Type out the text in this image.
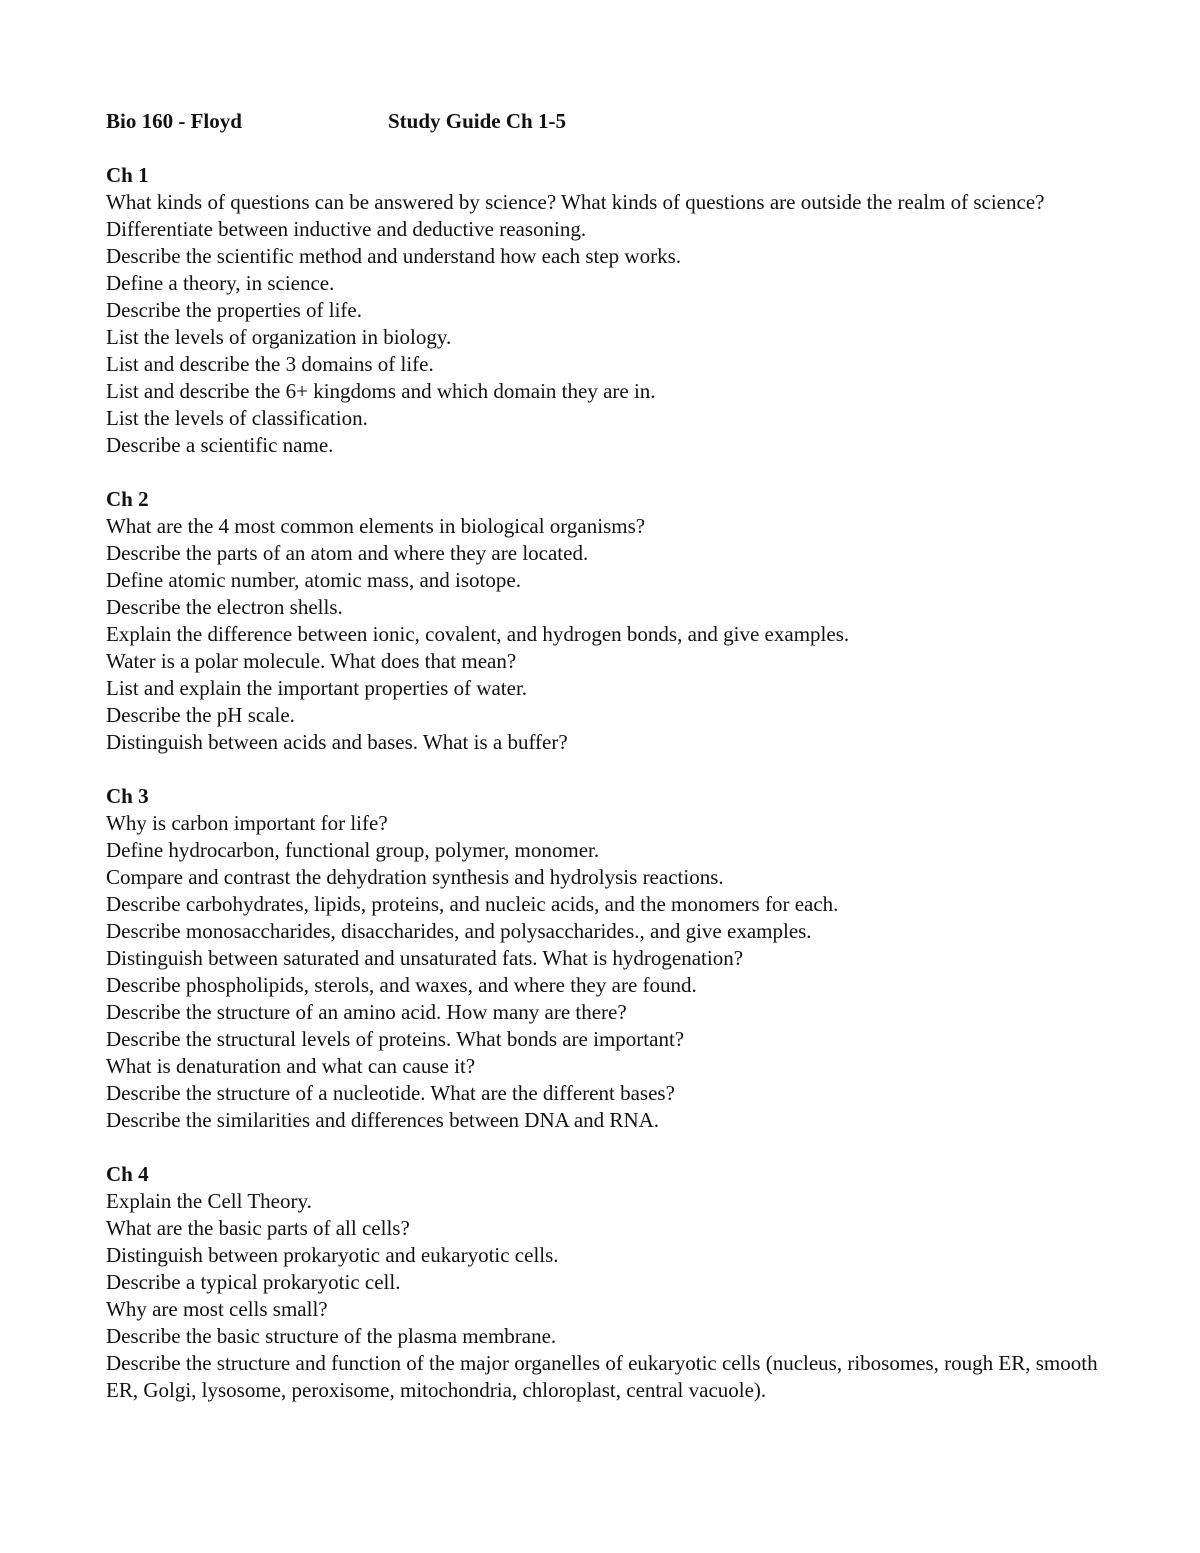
Bio 160 - Floyd	Study Guide Ch 1-5
Ch 1
What kinds of questions can be answered by science? What kinds of questions are outside the realm of science?
Differentiate between inductive and deductive reasoning.
Describe the scientific method and understand how each step works.
Define a theory, in science.
Describe the properties of life.
List the levels of organization in biology.
List and describe the 3 domains of life.
List and describe the 6+ kingdoms and which domain they are in.
List the levels of classification.
Describe a scientific name.
Ch 2
What are the 4 most common elements in biological organisms?
Describe the parts of an atom and where they are located.
Define atomic number, atomic mass, and isotope.
Describe the electron shells.
Explain the difference between ionic, covalent, and hydrogen bonds, and give examples.
Water is a polar molecule. What does that mean?
List and explain the important properties of water.
Describe the pH scale.
Distinguish between acids and bases. What is a buffer?
Ch 3
Why is carbon important for life?
Define hydrocarbon, functional group, polymer, monomer.
Compare and contrast the dehydration synthesis and hydrolysis reactions.
Describe carbohydrates, lipids, proteins, and nucleic acids, and the monomers for each.
Describe monosaccharides, disaccharides, and polysaccharides., and give examples.
Distinguish between saturated and unsaturated fats. What is hydrogenation?
Describe phospholipids, sterols, and waxes, and where they are found.
Describe the structure of an amino acid. How many are there?
Describe the structural levels of proteins. What bonds are important?
What is denaturation and what can cause it?
Describe the structure of a nucleotide. What are the different bases?
Describe the similarities and differences between DNA and RNA.
Ch 4
Explain the Cell Theory.
What are the basic parts of all cells?
Distinguish between prokaryotic and eukaryotic cells.
Describe a typical prokaryotic cell.
Why are most cells small?
Describe the basic structure of the plasma membrane.
Describe the structure and function of the major organelles of eukaryotic cells (nucleus, ribosomes, rough ER, smooth ER, Golgi, lysosome, peroxisome, mitochondria, chloroplast, central vacuole).
